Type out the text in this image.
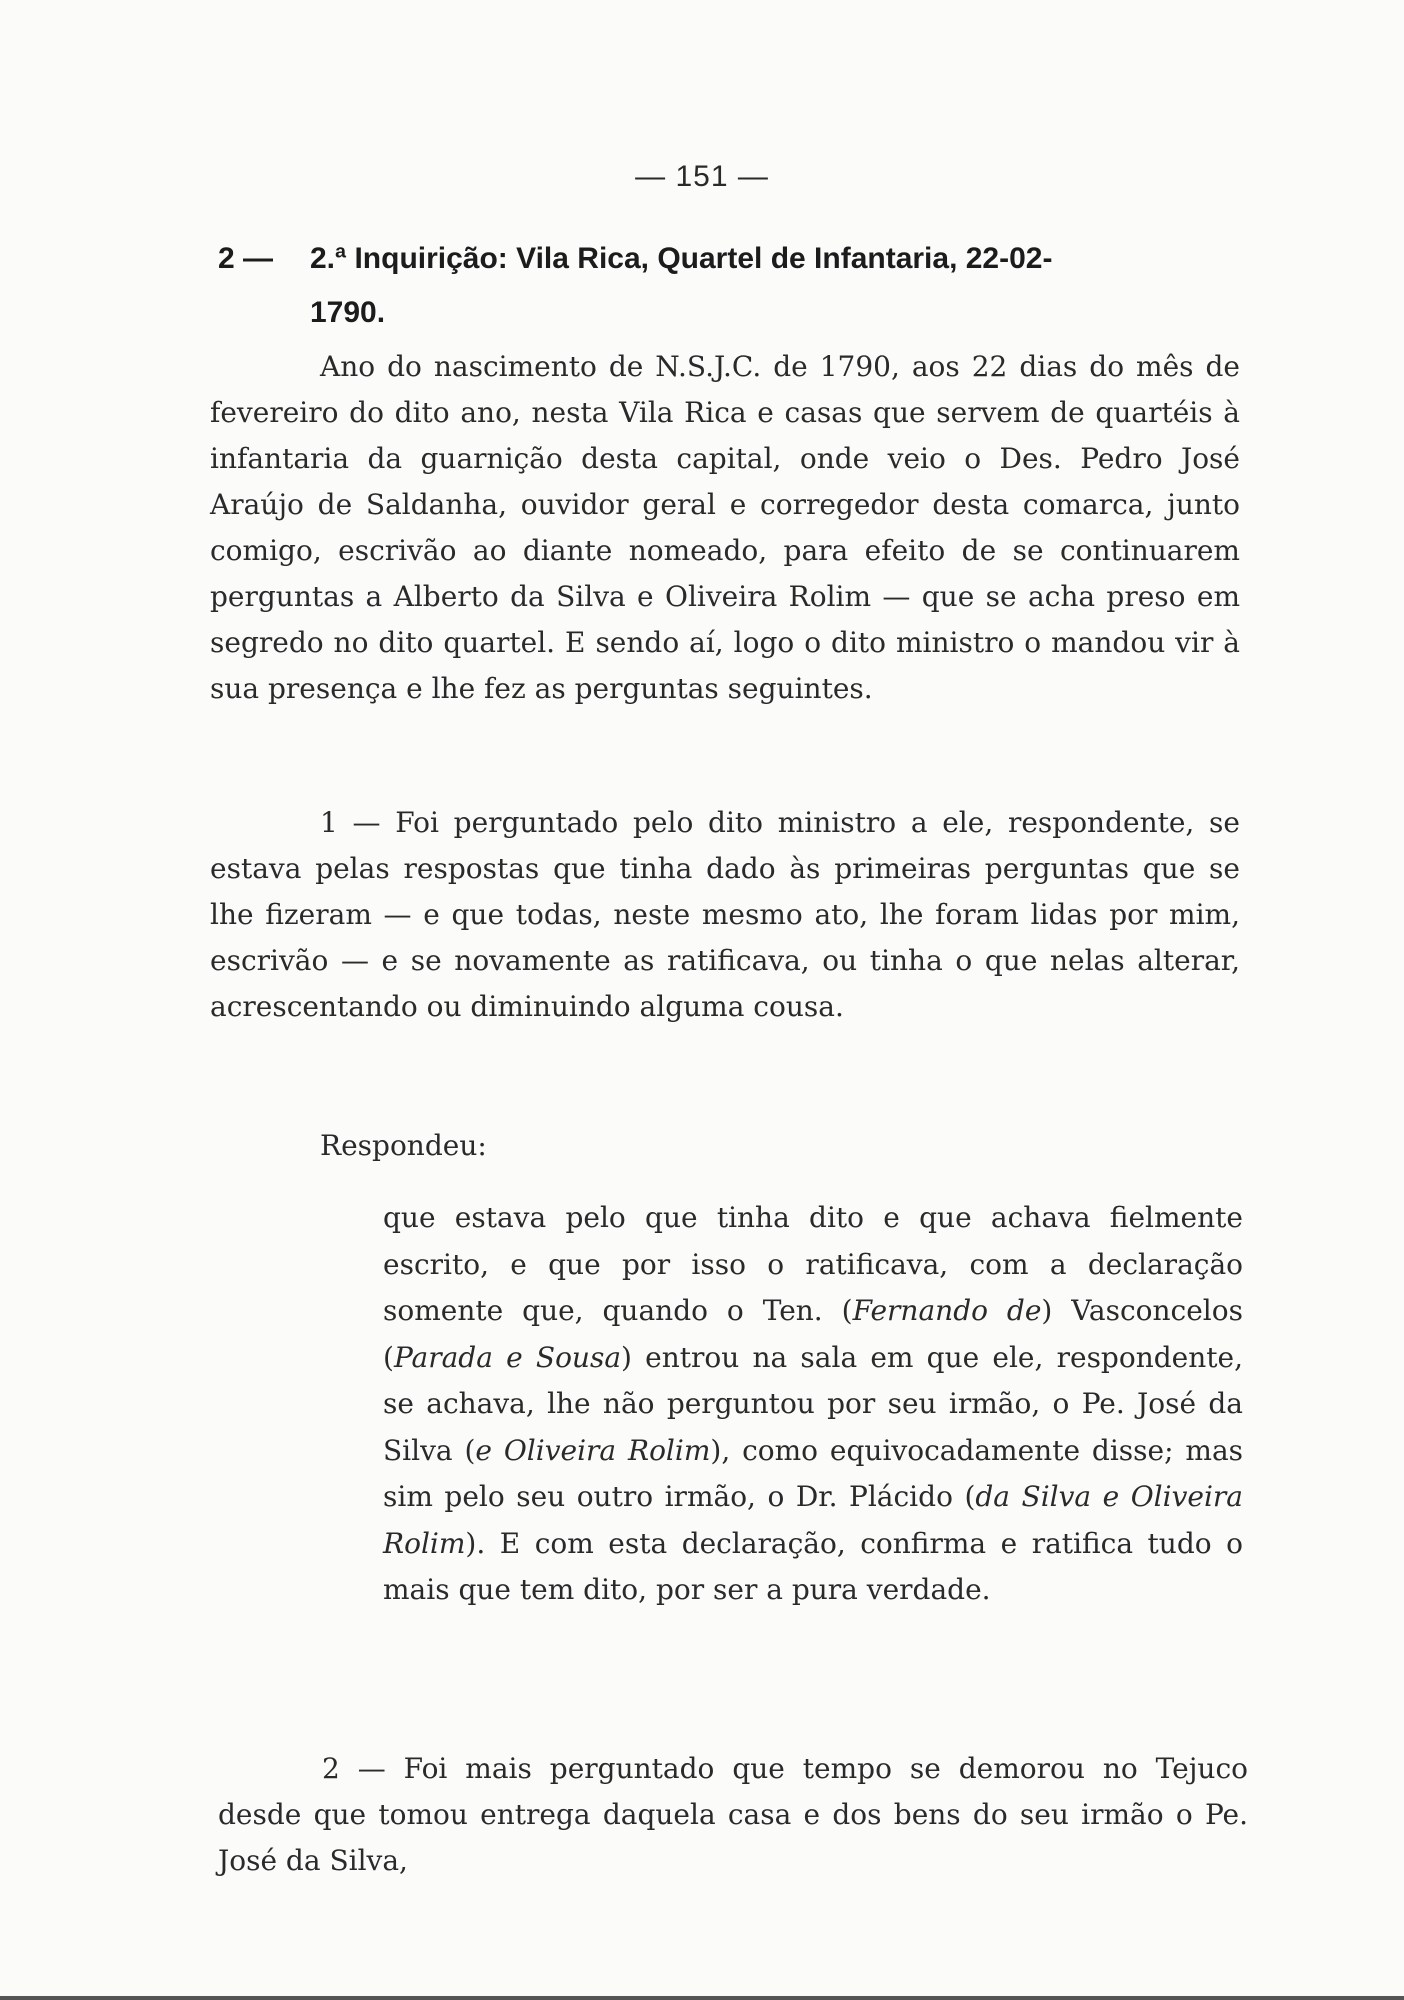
— 151 —
2 — 2.ª Inquirição: Vila Rica, Quartel de Infantaria, 22-02-
1790.

Ano do nascimento de N.S.J.C. de 1790, aos 22 dias do mês de fevereiro do dito ano, nesta Vila Rica e casas que servem de quartéis à infantaria da guarnição desta capital, onde veio o Des. Pedro José Araújo de Saldanha, ouvidor geral e corregedor desta comarca, junto comigo, escrivão ao diante nomeado, para efeito de se continuarem perguntas a Alberto da Silva e Oliveira Rolim — que se acha preso em segredo no dito quartel. E sendo aí, logo o dito ministro o mandou vir à sua presença e lhe fez as perguntas seguintes.

1 — Foi perguntado pelo dito ministro a ele, respondente, se estava pelas respostas que tinha dado às primeiras perguntas que se lhe fizeram — e que todas, neste mesmo ato, lhe foram lidas por mim, escrivão — e se novamente as ratificava, ou tinha o que nelas alterar, acrescentando ou diminuindo alguma cousa.

Respondeu:

que estava pelo que tinha dito e que achava fielmente escrito, e que por isso o ratificava, com a declaração somente que, quando o Ten. (Fernando de) Vasconcelos (Parada e Sousa) entrou na sala em que ele, respondente, se achava, lhe não perguntou por seu irmão, o Pe. José da Silva (e Oliveira Rolim), como equivocadamente disse; mas sim pelo seu outro irmão, o Dr. Plácido (da Silva e Oliveira Rolim). E com esta declaração, confirma e ratifica tudo o mais que tem dito, por ser a pura verdade.

2 — Foi mais perguntado que tempo se demorou no Tejuco desde que tomou entrega daquela casa e dos bens do seu irmão o Pe. José da Silva,
